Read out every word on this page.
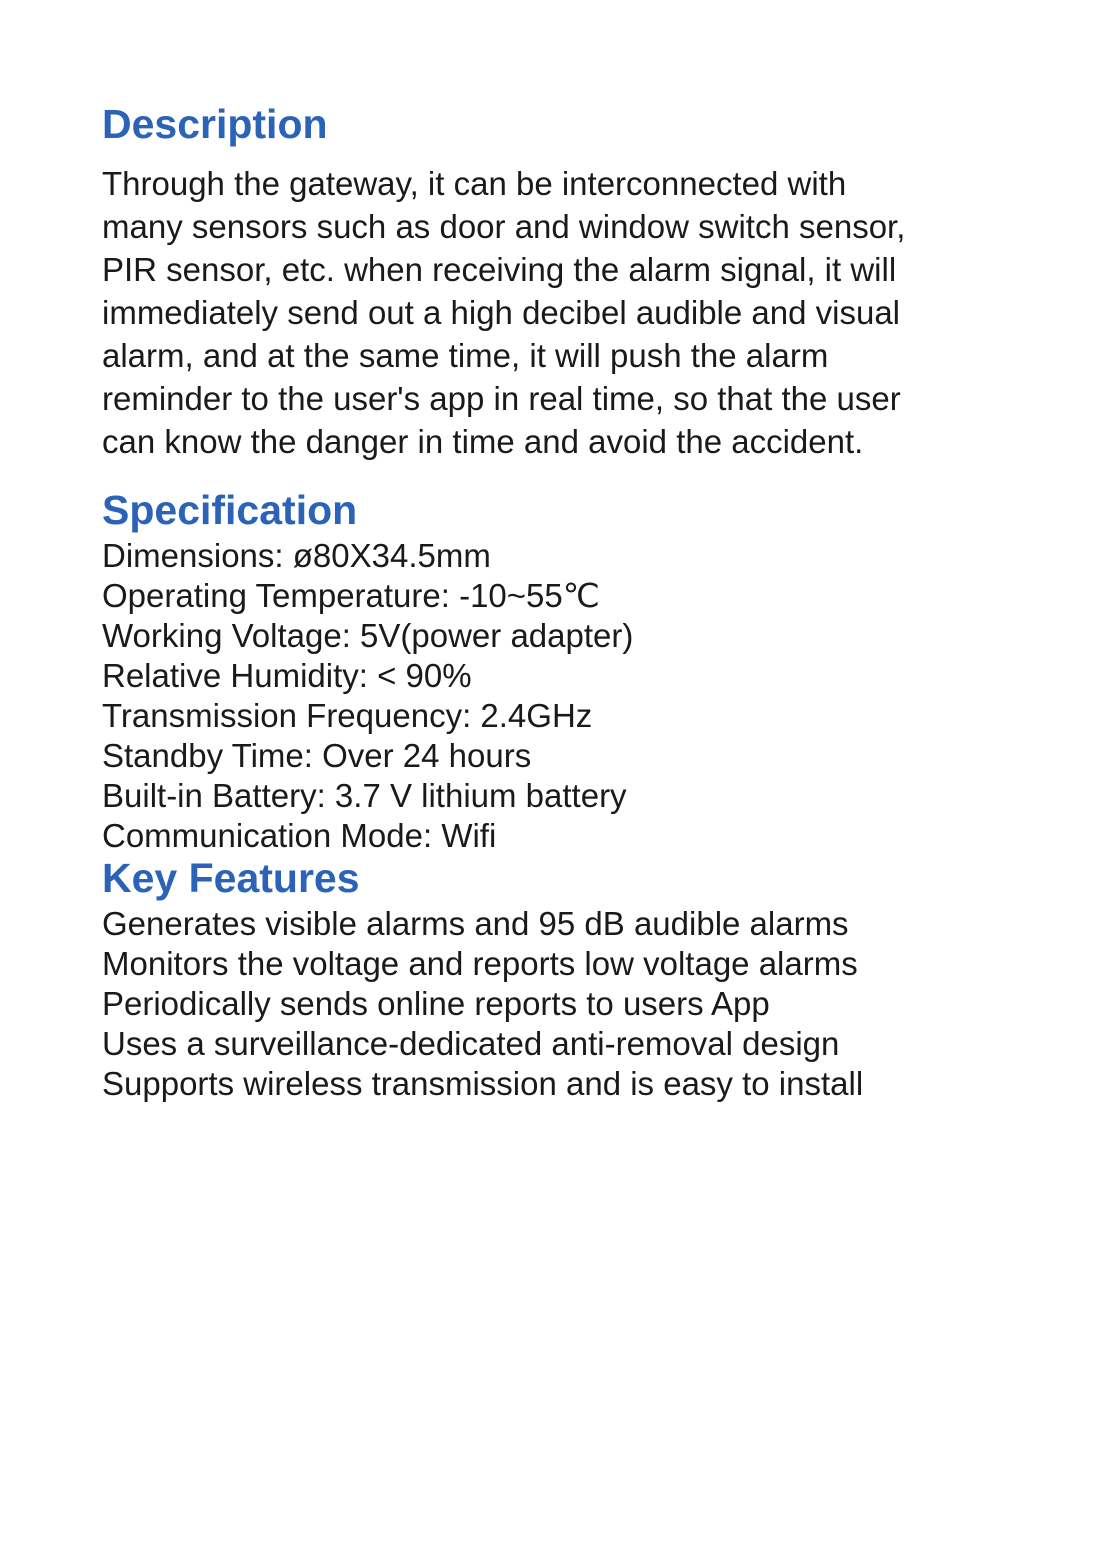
Description

Through the gateway, it can be interconnected with
many sensors such as door and window switch sensor,
PIR sensor, etc. when receiving the alarm signal, it will
immediately send out a high decibel audible and visual
alarm, and at the same time, it will push the alarm
reminder to the user's app in real time, so that the user
can know the danger in time and avoid the accident.

Specification
Dimensions: ø80X34.5mm
Operating Temperature: -10~55℃
Working Voltage: 5V(power adapter)
Relative Humidity: < 90%
Transmission Frequency: 2.4GHz
Standby Time: Over 24 hours
Built-in Battery: 3.7 V lithium battery
Communication Mode: Wifi
Key Features
Generates visible alarms and 95 dB audible alarms
Monitors the voltage and reports low voltage alarms
Periodically sends online reports to users App
Uses a surveillance-dedicated anti-removal design
Supports wireless transmission and is easy to install
